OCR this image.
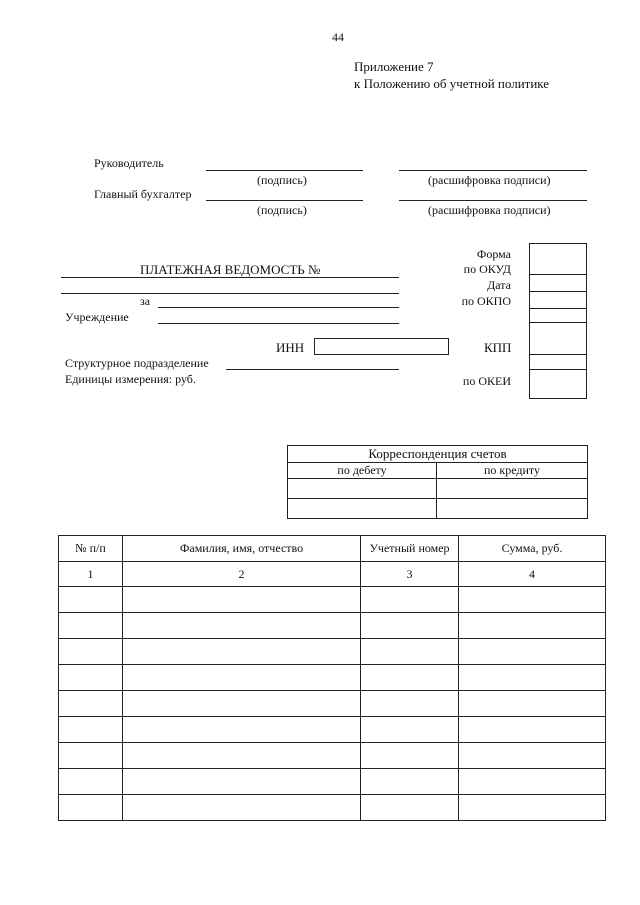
44
Приложение 7
к Положению об учетной политике
Руководитель
(подпись)	(расшифровка подписи)
Главный бухгалтер
(подпись)	(расшифровка подписи)
ПЛАТЕЖНАЯ ВЕДОМОСТЬ №
за
Учреждение
ИНН	КПП
Структурное подразделение
Единицы измерения: руб.
Форма
по ОКУД
Дата
по ОКПО
по ОКЕИ
Корреспонденция счетов	
по дебету	по кредиту

№ п/п	Фамилия, имя, отчество	Учетный номер	Сумма, руб.
1	2	3	4
